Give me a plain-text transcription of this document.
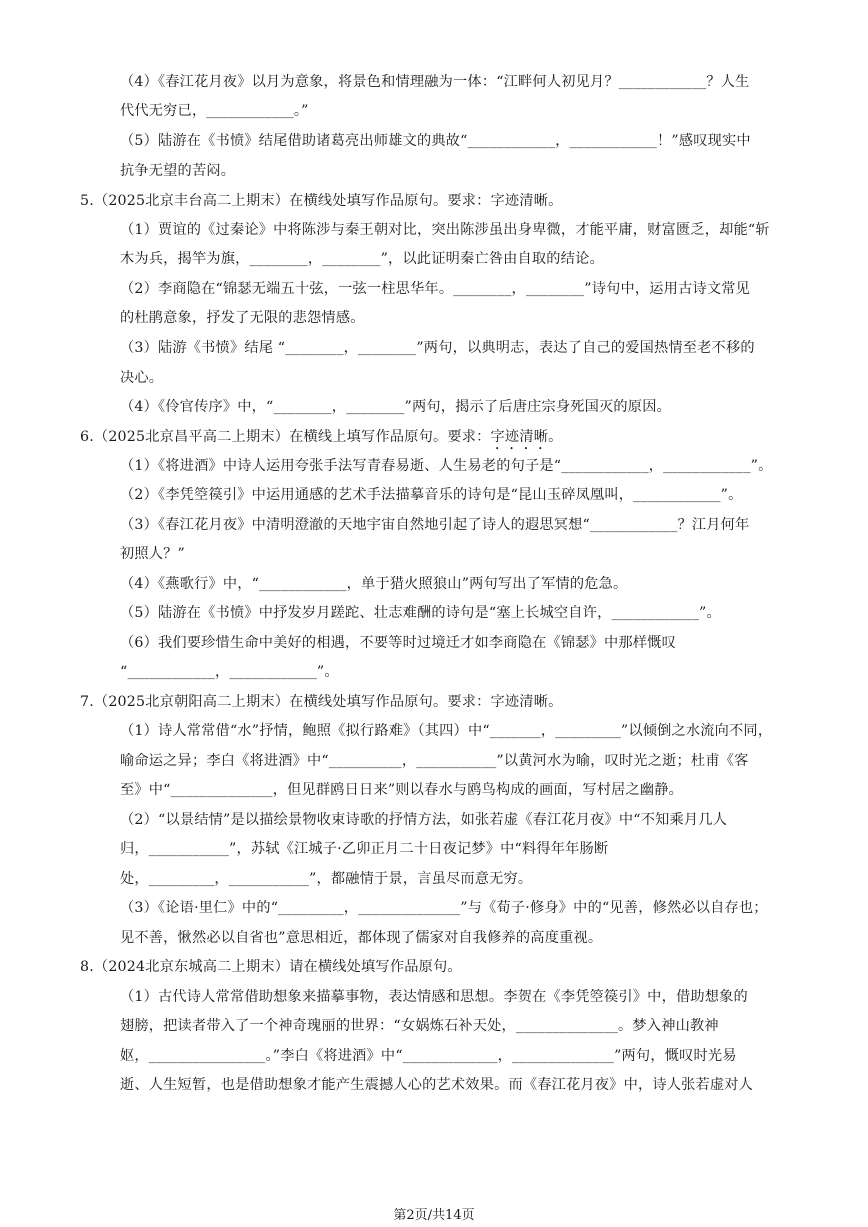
（4）《春江花月夜》以月为意象，将景色和情理融为一体：“江畔何人初见月？____________？人生
代代无穷已，____________。”
（5）陆游在《书愤》结尾借助诸葛亮出师雄文的典故“____________，____________！”感叹现实中
抗争无望的苦闷。
5.（2025北京丰台高二上期末）在横线处填写作品原句。要求：字迹清晰。
（1）贾谊的《过秦论》中将陈涉与秦王朝对比，突出陈涉虽出身卑微，才能平庸，财富匮乏，却能“斩
木为兵，揭竿为旗，________，________”，以此证明秦亡咎由自取的结论。
（2）李商隐在“锦瑟无端五十弦，一弦一柱思华年。________，________”诗句中，运用古诗文常见
的杜鹃意象，抒发了无限的悲怨情感。
（3）陆游《书愤》结尾 “________，________”两句，以典明志，表达了自己的爱国热情至老不移的
决心。
（4）《伶官传序》中，“________，________”两句，揭示了后唐庄宗身死国灭的原因。
6.（2025北京昌平高二上期末）在横线上填写作品原句。要求：字迹清晰。
（1）《将进酒》中诗人运用夸张手法写青春易逝、人生易老的句子是“____________，____________”。
（2）《李凭箜篌引》中运用通感的艺术手法描摹音乐的诗句是“昆山玉碎凤凰叫，____________”。
（3）《春江花月夜》中清明澄澈的天地宇宙自然地引起了诗人的遐思冥想“____________？江月何年
初照人？”
（4）《燕歌行》中，“____________，单于猎火照狼山”两句写出了军情的危急。
（5）陆游在《书愤》中抒发岁月蹉跎、壮志难酬的诗句是“塞上长城空自许，____________”。
（6）我们要珍惜生命中美好的相遇，不要等时过境迁才如李商隐在《锦瑟》中那样慨叹
“____________，____________”。
7.（2025北京朝阳高二上期末）在横线处填写作品原句。要求：字迹清晰。
（1）诗人常常借“水”抒情，鲍照《拟行路难》（其四）中“_______，_________”以倾倒之水流向不同，
喻命运之异；李白《将进酒》中“__________，___________”以黄河水为喻，叹时光之逝；杜甫《客
至》中“______________，但见群鸥日日来”则以春水与鸥鸟构成的画面，写村居之幽静。
（2）“以景结情”是以描绘景物收束诗歌的抒情方法，如张若虚《春江花月夜》中“不知乘月几人
归，___________”，苏轼《江城子·乙卯正月二十日夜记梦》中“料得年年肠断
处，_________，___________”，都融情于景，言虽尽而意无穷。
（3）《论语·里仁》中的“_________，______________”与《荀子·修身》中的“见善，修然必以自存也；
见不善，愀然必以自省也”意思相近，都体现了儒家对自我修养的高度重视。
8.（2024北京东城高二上期末）请在横线处填写作品原句。
（1）古代诗人常常借助想象来描摹事物，表达情感和思想。李贺在《李凭箜篌引》中，借助想象的
翅膀，把读者带入了一个神奇瑰丽的世界：“女娲炼石补天处，______________。梦入神山教神
妪，________________。”李白《将进酒》中“_____________，______________”两句，慨叹时光易
逝、人生短暂，也是借助想象才能产生震撼人心的艺术效果。而《春江花月夜》中，诗人张若虚对人
第2页/共14页
